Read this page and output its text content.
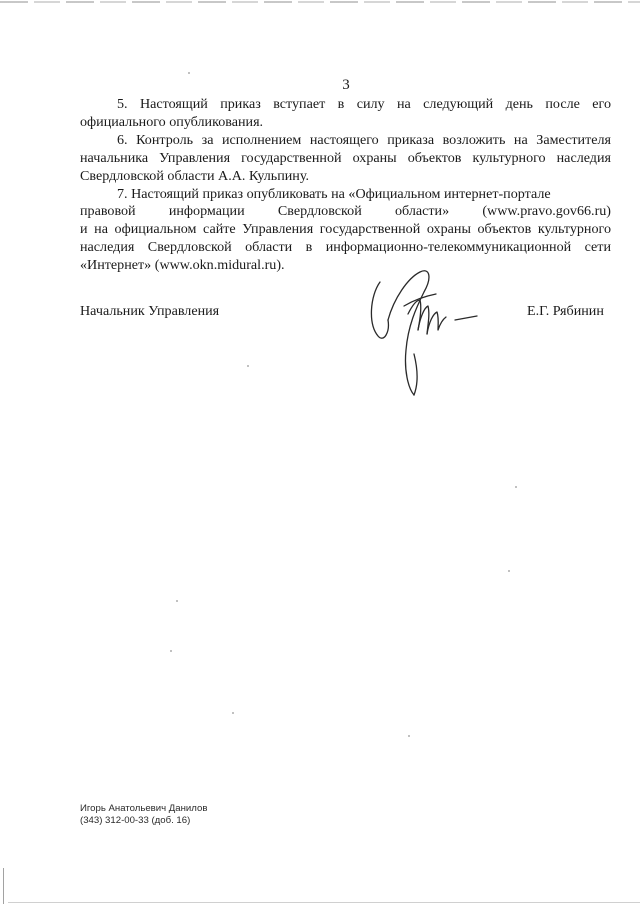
3

5. Настоящий приказ вступает в силу на следующий день после его официального опубликования.

6. Контроль за исполнением настоящего приказа возложить на Заместителя начальника Управления государственной охраны объектов культурного наследия Свердловской области А.А. Кульпину.

7. Настоящий приказ опубликовать на «Официальном интернет-портале

правовой информации Свердловской области» (www.pravo.gov66.ru)

и на официальном сайте Управления государственной охраны объектов культурного наследия Свердловской области в информационно-телекоммуникационной сети «Интернет» (www.okn.midural.ru).

Начальник Управления	Е.Г. Рябинин
Игорь Анатольевич Данилов
(343) 312-00-33 (доб. 16)
